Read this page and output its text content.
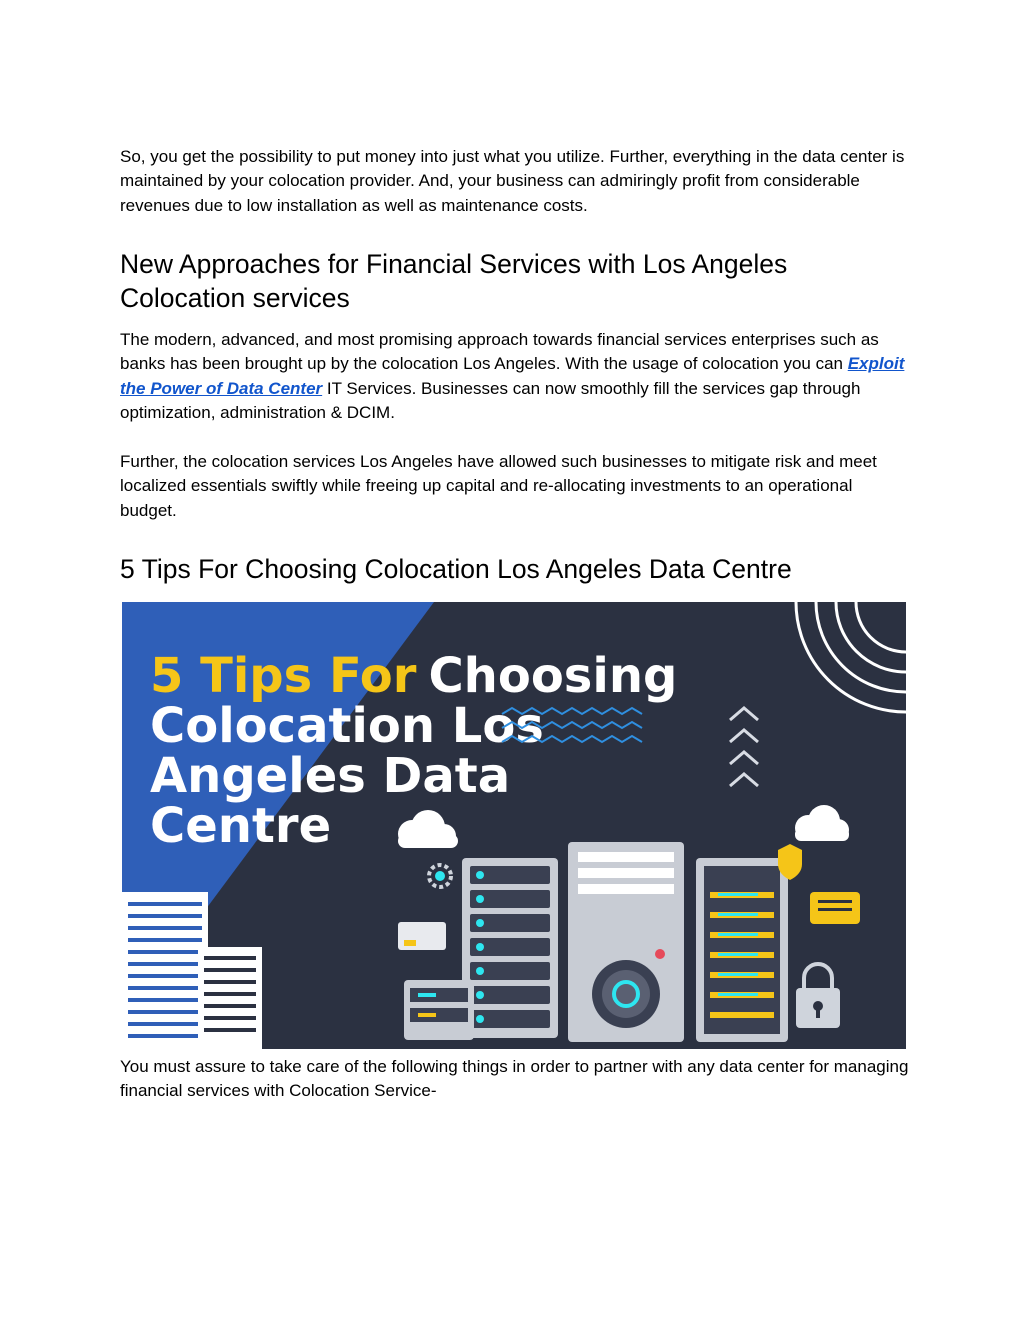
So, you get the possibility to put money into just what you utilize. Further, everything in the data center is maintained by your colocation provider. And, your business can admiringly profit from considerable revenues due to low installation as well as maintenance costs.

New Approaches for Financial Services with Los Angeles Colocation services

The modern, advanced, and most promising approach towards financial services enterprises such as banks has been brought up by the colocation Los Angeles. With the usage of colocation you can Exploit the Power of Data Center IT Services. Businesses can now smoothly fill the services gap through optimization, administration & DCIM.

Further, the colocation services Los Angeles have allowed such businesses to mitigate risk and meet localized essentials swiftly while freeing up capital and re-allocating investments to an operational budget.

5 Tips For Choosing Colocation Los Angeles Data Centre
5 Tips For Choosing
Colocation Los
Angeles Data
Centre

You must assure to take care of the following things in order to partner with any data center for managing financial services with Colocation Service-
